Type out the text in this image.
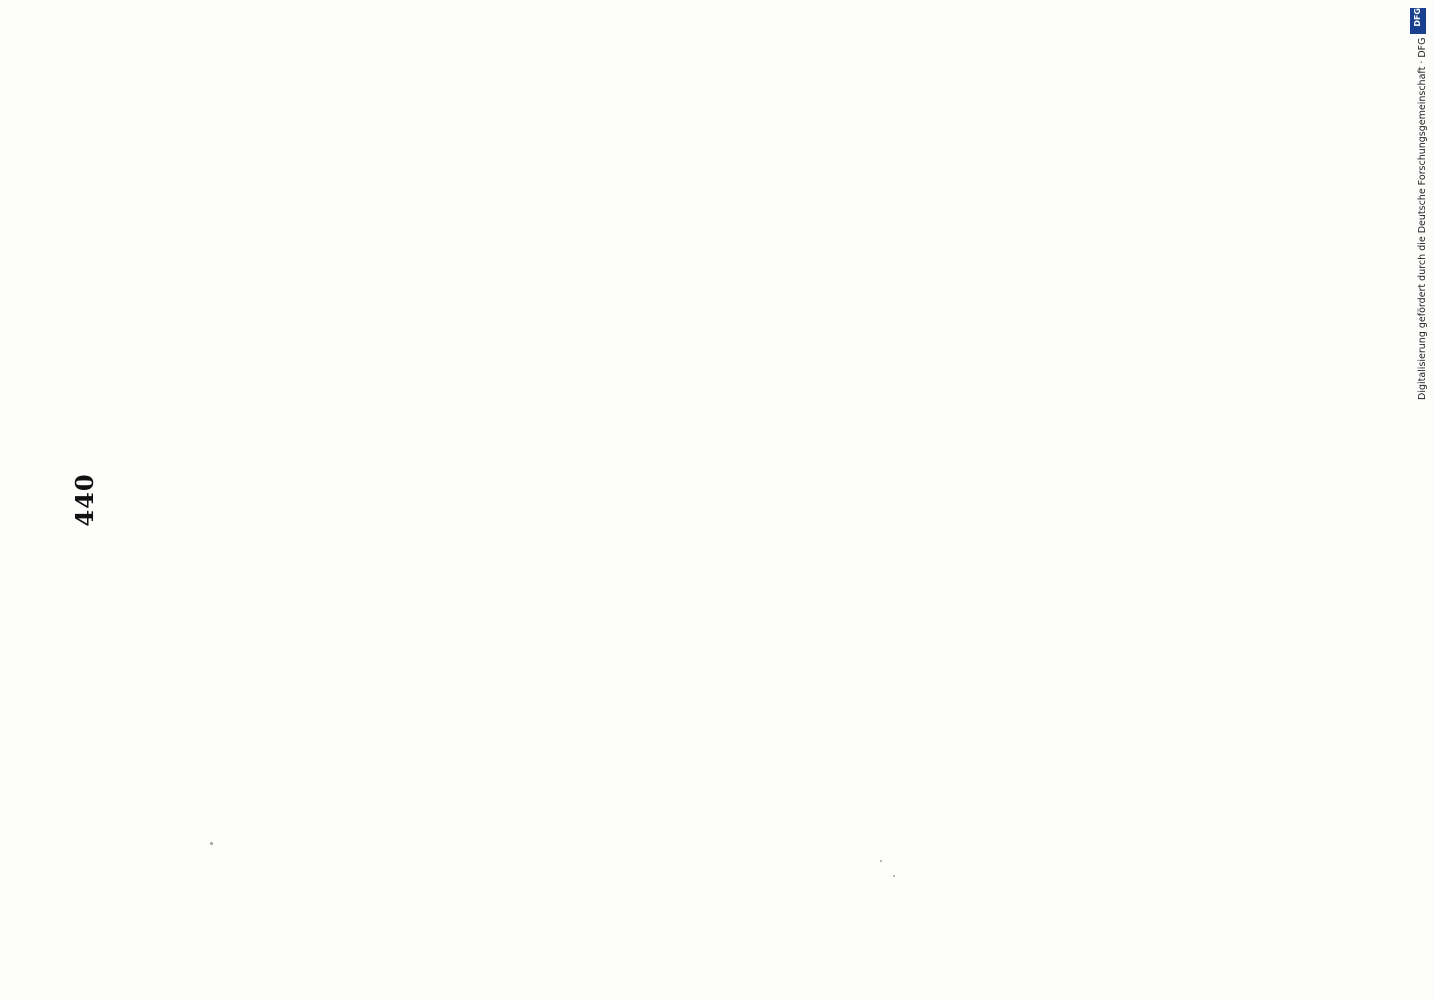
440

DFG
Digitalisierung gefördert durch die Deutsche Forschungsgemeinschaft · DFG
